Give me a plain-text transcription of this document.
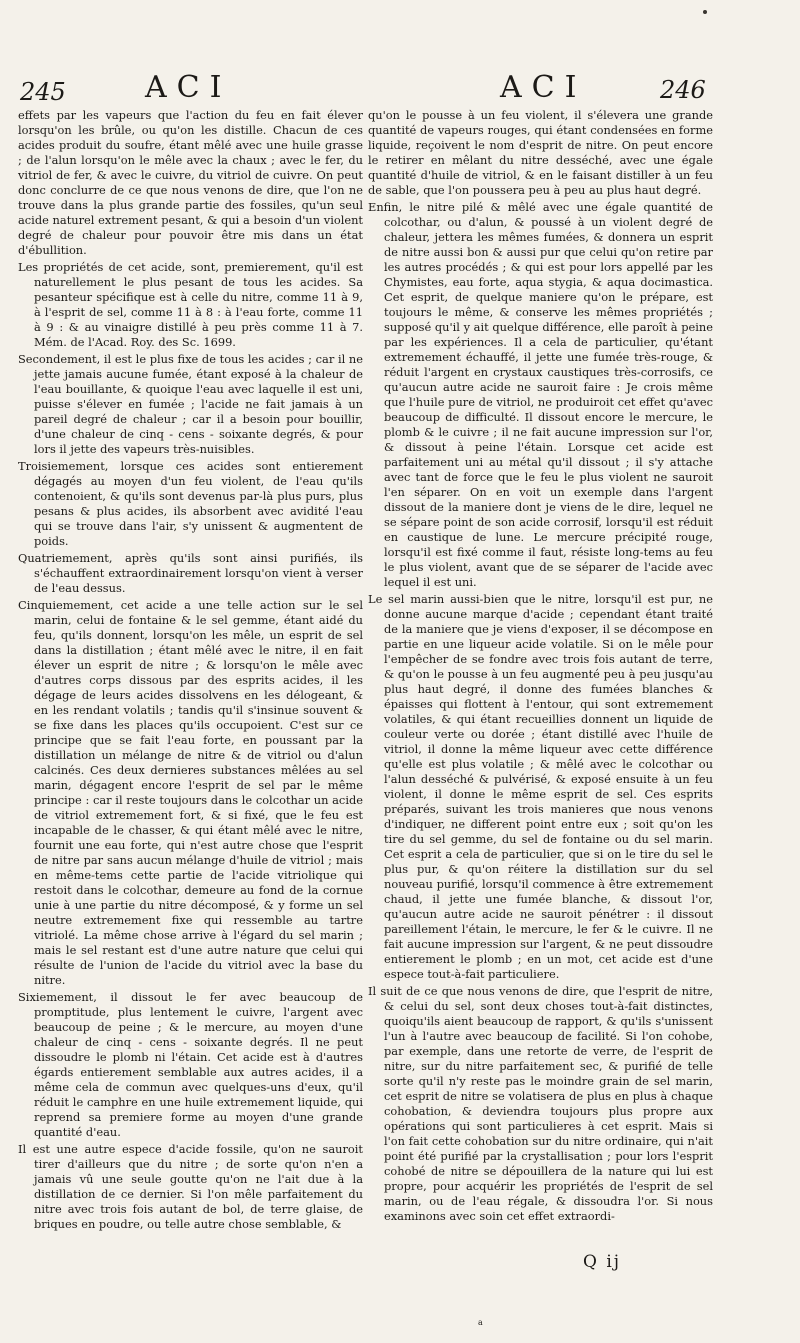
245	ACI	ACI	246

effets par les vapeurs que l'action du feu en fait élever lorsqu'on les brûle, ou qu'on les distille. Chacun de ces acides produit du soufre, étant mêlé avec une huile grasse ; de l'alun lorsqu'on le mêle avec la chaux ; avec le fer, du vitriol de fer, & avec le cuivre, du vitriol de cuivre. On peut donc conclurre de ce que nous venons de dire, que l'on ne trouve dans la plus grande partie des fossiles, qu'un seul acide naturel extrement pesant, & qui a besoin d'un violent degré de chaleur pour pouvoir être mis dans un état d'ébullition.

Les propriétés de cet acide, sont, premierement, qu'il est naturellement le plus pesant de tous les acides. Sa pesanteur spécifique est à celle du nitre, comme 11 à 9, à l'esprit de sel, comme 11 à 8 : à l'eau forte, comme 11 à 9 : & au vinaigre distillé à peu près comme 11 à 7. Mém. de l'Acad. Roy. des Sc. 1699.

Secondement, il est le plus fixe de tous les acides ; car il ne jette jamais aucune fumée, étant exposé à la chaleur de l'eau bouillante, & quoique l'eau avec laquelle il est uni, puisse s'élever en fumée ; l'acide ne fait jamais à un pareil degré de chaleur ; car il a besoin pour bouillir, d'une chaleur de cinq - cens - soixante degrés, & pour lors il jette des vapeurs très-nuisibles.

Troisiemement, lorsque ces acides sont entierement dégagés au moyen d'un feu violent, de l'eau qu'ils contenoient, & qu'ils sont devenus par-là plus purs, plus pesans & plus acides, ils absorbent avec avidité l'eau qui se trouve dans l'air, s'y unissent & augmentent de poids.

Quatriemement, après qu'ils sont ainsi purifiés, ils s'échauffent extraordinairement lorsqu'on vient à verser de l'eau dessus.

Cinquiemement, cet acide a une telle action sur le sel marin, celui de fontaine & le sel gemme, étant aidé du feu, qu'ils donnent, lorsqu'on les mêle, un esprit de sel dans la distillation ; étant mêlé avec le nitre, il en fait élever un esprit de nitre ; & lorsqu'on le mêle avec d'autres corps dissous par des esprits acides, il les dégage de leurs acides dissolvens en les délogeant, & en les rendant volatils ; tandis qu'il s'insinue souvent & se fixe dans les places qu'ils occupoient. C'est sur ce principe que se fait l'eau forte, en poussant par la distillation un mélange de nitre & de vitriol ou d'alun calcinés. Ces deux dernieres substances mêlées au sel marin, dégagent encore l'esprit de sel par le même principe : car il reste toujours dans le colcothar un acide de vitriol extremement fort, & si fixé, que le feu est incapable de le chasser, & qui étant mêlé avec le nitre, fournit une eau forte, qui n'est autre chose que l'esprit de nitre par sans aucun mélange d'huile de vitriol ; mais en même-tems cette partie de l'acide vitriolique qui restoit dans le colcothar, demeure au fond de la cornue unie à une partie du nitre décomposé, & y forme un sel neutre extremement fixe qui ressemble au tartre vitriolé. La même chose arrive à l'égard du sel marin ; mais le sel restant est d'une autre nature que celui qui résulte de l'union de l'acide du vitriol avec la base du nitre.

Sixiemement, il dissout le fer avec beaucoup de promptitude, plus lentement le cuivre, l'argent avec beaucoup de peine ; & le mercure, au moyen d'une chaleur de cinq - cens - soixante degrés. Il ne peut dissoudre le plomb ni l'étain. Cet acide est à d'autres égards entierement semblable aux autres acides, il a même cela de commun avec quelques-uns d'eux, qu'il réduit le camphre en une huile extremement liquide, qui reprend sa premiere forme au moyen d'une grande quantité d'eau.

Il est une autre espece d'acide fossile, qu'on ne sauroit tirer d'ailleurs que du nitre ; de sorte qu'on n'en a jamais vû une seule goutte qu'on ne l'ait due à la distillation de ce dernier. Si l'on mêle parfaitement du nitre avec trois fois autant de bol, de terre glaise, de briques en poudre, ou telle autre chose semblable, &

qu'on le pousse à un feu violent, il s'élevera une grande quantité de vapeurs rouges, qui étant condensées en forme liquide, reçoivent le nom d'esprit de nitre. On peut encore le retirer en mêlant du nitre desséché, avec une égale quantité d'huile de vitriol, & en le faisant distiller à un feu de sable, que l'on poussera peu à peu au plus haut degré.

Enfin, le nitre pilé & mêlé avec une égale quantité de colcothar, ou d'alun, & poussé à un violent degré de chaleur, jettera les mêmes fumées, & donnera un esprit de nitre aussi bon & aussi pur que celui qu'on retire par les autres procédés ; & qui est pour lors appellé par les Chymistes, eau forte, aqua stygia, & aqua docimastica. Cet esprit, de quelque maniere qu'on le prépare, est toujours le même, & conserve les mêmes propriétés ; supposé qu'il y ait quelque différence, elle paroît à peine par les expériences. Il a cela de particulier, qu'étant extremement échauffé, il jette une fumée très-rouge, & réduit l'argent en crystaux caustiques très-corrosifs, ce qu'aucun autre acide ne sauroit faire : Je crois même que l'huile pure de vitriol, ne produiroit cet effet qu'avec beaucoup de difficulté. Il dissout encore le mercure, le plomb & le cuivre ; il ne fait aucune impression sur l'or, & dissout à peine l'étain. Lorsque cet acide est parfaitement uni au métal qu'il dissout ; il s'y attache avec tant de force que le feu le plus violent ne sauroit l'en séparer. On en voit un exemple dans l'argent dissout de la maniere dont je viens de le dire, lequel ne se sépare point de son acide corrosif, lorsqu'il est réduit en caustique de lune. Le mercure précipité rouge, lorsqu'il est fixé comme il faut, résiste long-tems au feu le plus violent, avant que de se séparer de l'acide avec lequel il est uni.

Le sel marin aussi-bien que le nitre, lorsqu'il est pur, ne donne aucune marque d'acide ; cependant étant traité de la maniere que je viens d'exposer, il se décompose en partie en une liqueur acide volatile. Si on le mêle pour l'empêcher de se fondre avec trois fois autant de terre, & qu'on le pousse à un feu augmenté peu à peu jusqu'au plus haut degré, il donne des fumées blanches & épaisses qui flottent à l'entour, qui sont extremement volatiles, & qui étant recueillies donnent un liquide de couleur verte ou dorée ; étant distillé avec l'huile de vitriol, il donne la même liqueur avec cette différence qu'elle est plus volatile ; & mêlé avec le colcothar ou l'alun desséché & pulvérisé, & exposé ensuite à un feu violent, il donne le même esprit de sel. Ces esprits préparés, suivant les trois manieres que nous venons d'indiquer, ne different point entre eux ; soit qu'on les tire du sel gemme, du sel de fontaine ou du sel marin. Cet esprit a cela de particulier, que si on le tire du sel le plus pur, & qu'on réitere la distillation sur du sel nouveau purifié, lorsqu'il commence à être extremement chaud, il jette une fumée blanche, & dissout l'or, qu'aucun autre acide ne sauroit pénétrer : il dissout pareillement l'étain, le mercure, le fer & le cuivre. Il ne fait aucune impression sur l'argent, & ne peut dissoudre entierement le plomb ; en un mot, cet acide est d'une espece tout-à-fait particuliere.

Il suit de ce que nous venons de dire, que l'esprit de nitre, & celui du sel, sont deux choses tout-à-fait distinctes, quoiqu'ils aient beaucoup de rapport, & qu'ils s'unissent l'un à l'autre avec beaucoup de facilité. Si l'on cohobe, par exemple, dans une retorte de verre, de l'esprit de nitre, sur du nitre parfaitement sec, & purifié de telle sorte qu'il n'y reste pas le moindre grain de sel marin, cet esprit de nitre se volatisera de plus en plus à chaque cohobation, & deviendra toujours plus propre aux opérations qui sont particulieres à cet esprit. Mais si l'on fait cette cohobation sur du nitre ordinaire, qui n'ait point été purifié par la crystallisation ; pour lors l'esprit cohobé de nitre se dépouillera de la nature qui lui est propre, pour acquérir les propriétés de l'esprit de sel marin, ou de l'eau régale, & dissoudra l'or. Si nous examinons avec soin cet effet extraordi-

Q ij
a
